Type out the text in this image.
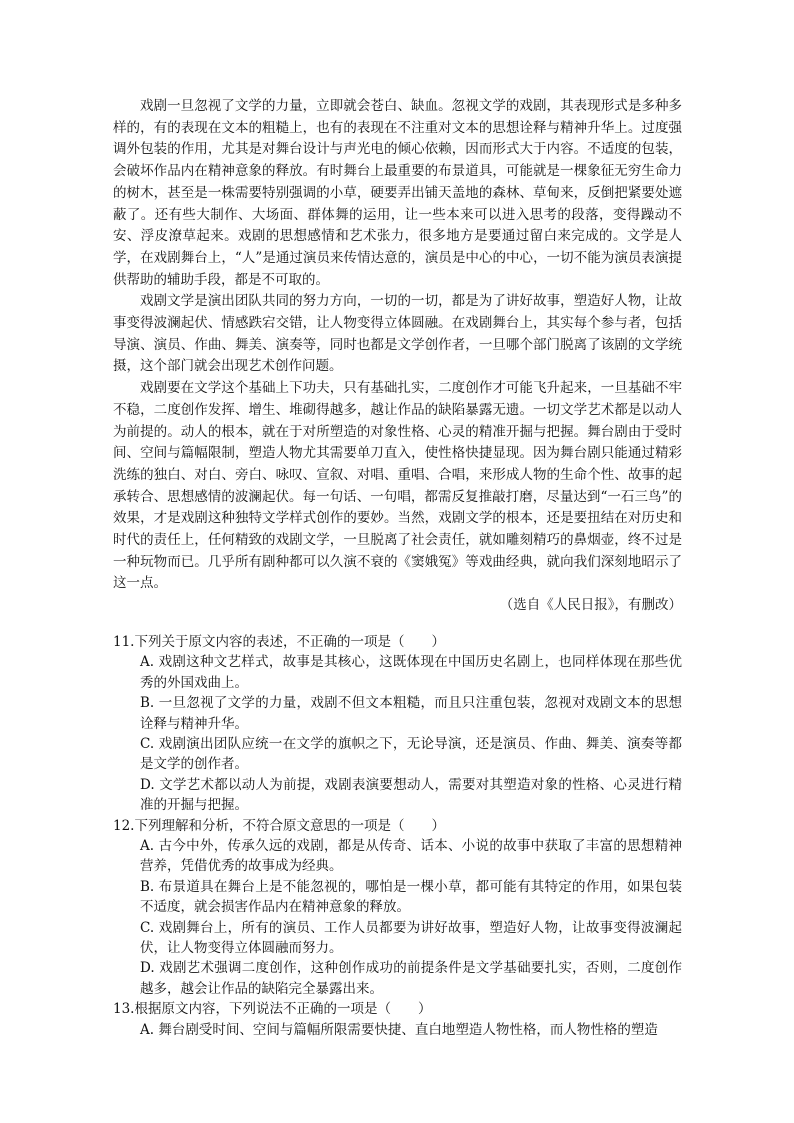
戏剧一旦忽视了文学的力量，立即就会苍白、缺血。忽视文学的戏剧，其表现形式是多种多样的，有的表现在文本的粗糙上，也有的表现在不注重对文本的思想诠释与精神升华上。过度强调外包装的作用，尤其是对舞台设计与声光电的倾心依赖，因而形式大于内容。不适度的包装，会破坏作品内在精神意象的释放。有时舞台上最重要的布景道具，可能就是一棵象征无穷生命力的树木，甚至是一株需要特别强调的小草，硬要弄出铺天盖地的森林、草甸来，反倒把紧要处遮蔽了。还有些大制作、大场面、群体舞的运用，让一些本来可以进入思考的段落，变得躁动不安、浮皮潦草起来。戏剧的思想感情和艺术张力，很多地方是要通过留白来完成的。文学是人学，在戏剧舞台上，“人”是通过演员来传情达意的，演员是中心的中心，一切不能为演员表演提供帮助的辅助手段，都是不可取的。

戏剧文学是演出团队共同的努力方向，一切的一切，都是为了讲好故事，塑造好人物，让故事变得波澜起伏、情感跌宕交错，让人物变得立体圆融。在戏剧舞台上，其实每个参与者，包括导演、演员、作曲、舞美、演奏等，同时也都是文学创作者，一旦哪个部门脱离了该剧的文学统摄，这个部门就会出现艺术创作问题。

戏剧要在文学这个基础上下功夫，只有基础扎实，二度创作才可能飞升起来，一旦基础不牢不稳，二度创作发挥、增生、堆砌得越多，越让作品的缺陷暴露无遗。一切文学艺术都是以动人为前提的。动人的根本，就在于对所塑造的对象性格、心灵的精准开掘与把握。舞台剧由于受时间、空间与篇幅限制，塑造人物尤其需要单刀直入，使性格快捷显现。因为舞台剧只能通过精彩洗练的独白、对白、旁白、咏叹、宣叙、对唱、重唱、合唱，来形成人物的生命个性、故事的起承转合、思想感情的波澜起伏。每一句话、一句唱，都需反复推敲打磨，尽量达到“一石三鸟”的效果，才是戏剧这种独特文学样式创作的要妙。当然，戏剧文学的根本，还是要扭结在对历史和时代的责任上，任何精致的戏剧文学，一旦脱离了社会责任，就如雕刻精巧的鼻烟壶，终不过是一种玩物而已。几乎所有剧种都可以久演不衰的《窦娥冤》等戏曲经典，就向我们深刻地昭示了这一点。
（选自《人民日报》，有删改）

11.下列关于原文内容的表述，不正确的一项是（　　）

A. 戏剧这种文艺样式，故事是其核心，这既体现在中国历史名剧上，也同样体现在那些优秀的外国戏曲上。

B. 一旦忽视了文学的力量，戏剧不但文本粗糙，而且只注重包装，忽视对戏剧文本的思想诠释与精神升华。

C. 戏剧演出团队应统一在文学的旗帜之下，无论导演，还是演员、作曲、舞美、演奏等都是文学的创作者。

D. 文学艺术都以动人为前提，戏剧表演要想动人，需要对其塑造对象的性格、心灵进行精准的开掘与把握。

12.下列理解和分析，不符合原文意思的一项是（　　）

A. 古今中外，传承久远的戏剧，都是从传奇、话本、小说的故事中获取了丰富的思想精神营养，凭借优秀的故事成为经典。

B. 布景道具在舞台上是不能忽视的，哪怕是一棵小草，都可能有其特定的作用，如果包装不适度，就会损害作品内在精神意象的释放。

C. 戏剧舞台上，所有的演员、工作人员都要为讲好故事，塑造好人物，让故事变得波澜起伏，让人物变得立体圆融而努力。

D. 戏剧艺术强调二度创作，这种创作成功的前提条件是文学基础要扎实，否则，二度创作越多，越会让作品的缺陷完全暴露出来。

13.根据原文内容，下列说法不正确的一项是（　　）

A. 舞台剧受时间、空间与篇幅所限需要快捷、直白地塑造人物性格，而人物性格的塑造
